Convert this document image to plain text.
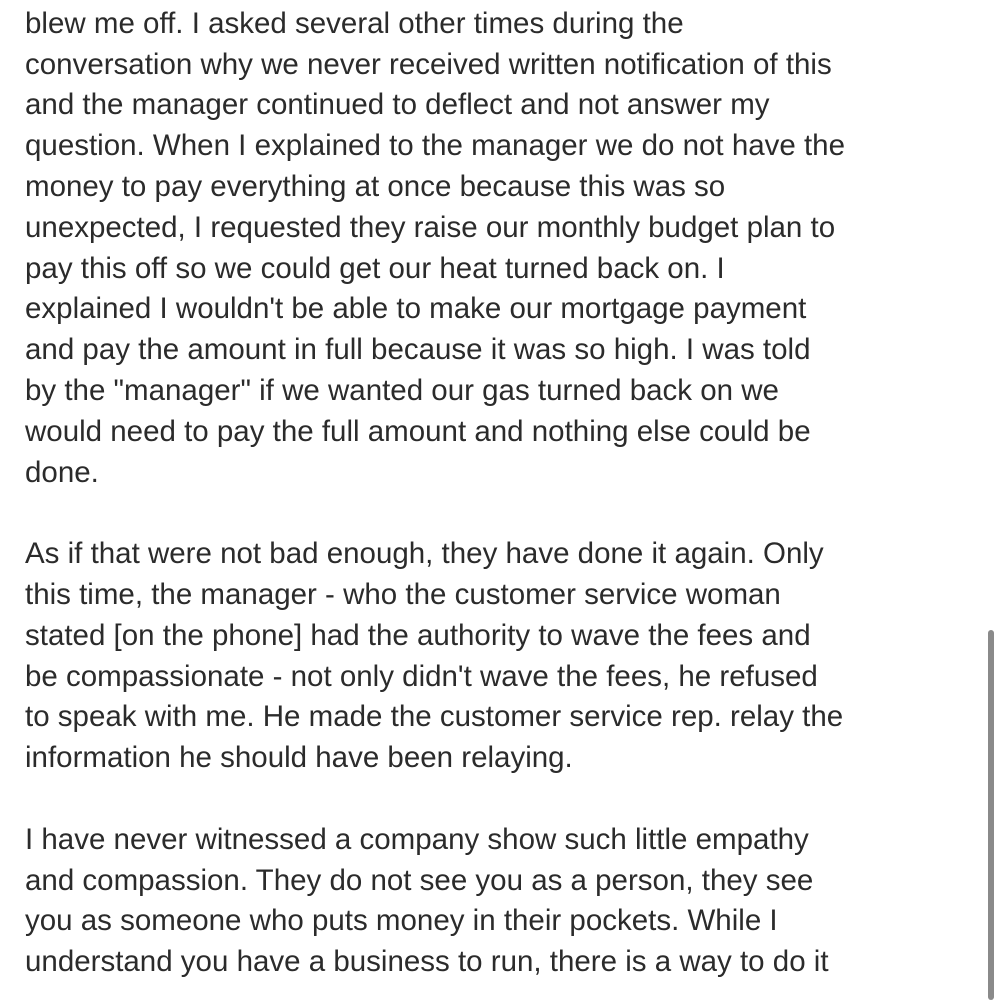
blew me off. I asked several other times during the
conversation why we never received written notification of this
and the manager continued to deflect and not answer my
question. When I explained to the manager we do not have the
money to pay everything at once because this was so
unexpected, I requested they raise our monthly budget plan to
pay this off so we could get our heat turned back on. I
explained I wouldn't be able to make our mortgage payment
and pay the amount in full because it was so high. I was told
by the "manager" if we wanted our gas turned back on we
would need to pay the full amount and nothing else could be
done.
As if that were not bad enough, they have done it again. Only
this time, the manager - who the customer service woman
stated [on the phone] had the authority to wave the fees and
be compassionate - not only didn't wave the fees, he refused
to speak with me. He made the customer service rep. relay the
information he should have been relaying.
I have never witnessed a company show such little empathy
and compassion. They do not see you as a person, they see
you as someone who puts money in their pockets. While I
understand you have a business to run, there is a way to do it
